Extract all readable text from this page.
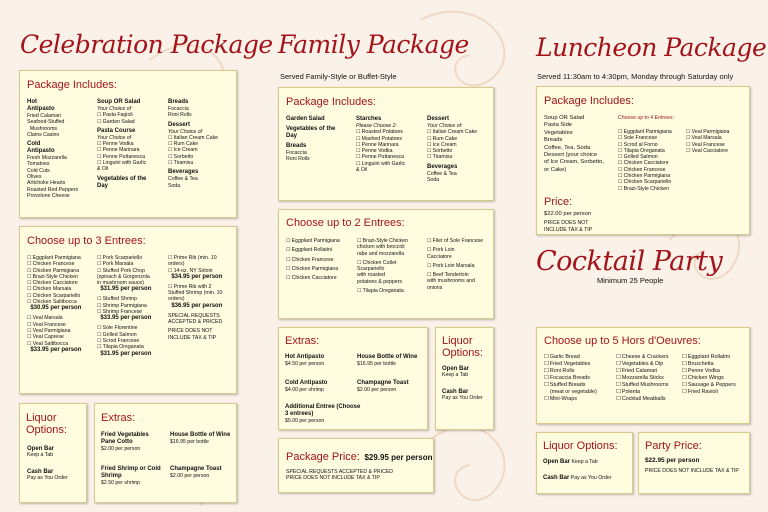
Celebration Package
Package Includes:
Hot
Antipasto
Fried Calamari
Seafood-Stuffed
Mushrooms
Clams Casino
Cold
Antipasto
Fresh Mozzarella
Tomatoes
Cold Cuts
Olives
Artichoke Hearts
Roasted Red Peppers
Provolone Cheese
Soup OR Salad
Your Choice of
☐ Pasta Fagioli
☐ Garden Salad
Pasta Course
Your Choice of
☐ Penne Vodka
☐ Penne Marinara
☐ Penne Puttanesca
☐ Linguini with Garlic
& Oil
Vegetables of the
Day
Breads
Focaccia
Roni Rolls
Dessert
Your Choice of
☐ Italian Cream Cake
☐ Rum Cake
☐ Ice Cream
☐ Sorbetto
☐ Tiramisu
Beverages
Coffee & Tea
Soda
Choose up to 3 Entrees:
☐ Eggplant Parmigiana
☐ Chicken Francese
☐ Chicken Parmigiana
☐ Brazi-Style Chicken
☐ Chicken Cacciatore
☐ Chicken Marsala
☐ Chicken Scarpariello
☐ Chicken Saltibocca
$30.95 per person
☐ Veal Marsala
☐ Veal Francese
☐ Veal Parmigiana
☐ Veal Caprese
☐ Veal Saltibocca
$33.95 per person
☐ Pork Scarpariello
☐ Pork Marsala
☐ Stuffed Pork Chop
(spinach & Gorgonzola
in mushroom sauce)
$31.95 per person
☐ Stuffed Shrimp
☐ Shrimp Parmigiana
☐ Shrimp Francese
$33.95 per person
☐ Sole Florentine
☐ Grilled Salmon
☐ Scrod Francese
☐ Tilapia Oreganata
$31.95 per person
☐ Prime Rib (min. 10
orders)
☐ 14-oz. NY Sirloin
$34.95 per person
☐ Prime Rib with 2
Stuffed Shrimp (min. 10
orders)
$36.95 per person
SPECIAL REQUESTS
ACCEPTED & PRICED
PRICE DOES NOT
INCLUDE TAX & TIP
Liquor Options:
Open Bar
Keep a Tab
Cash Bar
Pay as You Order
Extras:
Fried Vegetables Pane Cotto
$2.00 per person
House Bottle of Wine
$16.95 per bottle
Fried Shrimp or Cold Shrimp
$2.50 per shrimp
Champagne Toast
$2.00 per person
Family Package
Served Family-Style or Buffet-Style
Package Includes:
Garden Salad
Vegetables of the
Day
Breads
Focaccia
Roni Rolls
Starches
Please Choose 2:
☐ Roasted Potatoes
☐ Mashed Potatoes
☐ Penne Marinara
☐ Penne Vodka
☐ Penne Puttanesca
☐ Linguini with Garlic
& Oil
Dessert
Your Choice of:
☐ Italian Cream Cake
☐ Rum Cake
☐ Ice Cream
☐ Sorbetto
☐ Tiramisu
Beverages
Coffee & Tea
Soda
Choose up to 2 Entrees:
☐ Eggplant Parmigiana
☐ Eggplant Rollatini
☐ Chicken Francese
☐ Chicken Parmigiana
☐ Chicken Cacciatore
☐ Brazi-Style Chicken
chicken with broccoli
rabe and mozzarella
☐ Chicken Cutlet
Scarpariello
with roasted
potatoes & peppers
☐ Tilapia Oreganata
☐ Filet of Sole Francese
☐ Pork Loin
Cacciatore
☐ Pork Loin Marsala
☐ Beef Tenderloin
with mushrooms and
onions
Extras:
Hot Antipasto
$4.50 per person
House Bottle of Wine
$16.95 per bottle
Cold Antipasto
$4.00 per shrimp
Champagne Toast
$2.00 per person
Additional Entree (Choose 3 entrees)
$5.00 per person
Liquor Options:
Open Bar
Keep a Tab
Cash Bar
Pay as You Order
Package Price: $29.95 per person
SPECIAL REQUESTS ACCEPTED & PRICED
PRICE DOES NOT INCLUDE TAX & TIP
Luncheon Package
Served 11:30am to 4:30pm, Monday through Saturday only
Package Includes:
Soup OR Salad
Pasta Side
Vegetables
Breads
Coffee, Tea, Soda
Dessert (your choice
of Ice Cream, Sorbetto,
or Cake)
Choose up to 4 Entrees:
☐ Eggplant Parmigiana
☐ Sole Francese
☐ Scrod al Forno
☐ Tilapia Oreganata
☐ Grilled Salmon
☐ Chicken Cacciatore
☐ Chicken Francese
☐ Chicken Parmigiana
☐ Chicken Scarpariello
☐ Brazi-Style Chicken
☐ Veal Parmigiana
☐ Veal Marsala
☐ Veal Francese
☐ Veal Cacciatore
Price:
$22.00 per person
PRICE DOES NOT
INCLUDE TAX & TIP
Cocktail Party
Minimum 25 People
Choose up to 5 Hors d'Oeuvres:
☐ Garlic Bread
☐ Fried Vegetables
☐ Roni Rolls
☐ Focaccia Breads
☐ Stuffed Breads
(meat or vegetable)
☐ Mini-Wraps
☐ Cheese & Crackers
☐ Vegetables & Dip
☐ Fried Calamari
☐ Mozzarella Sticks
☐ Stuffed Mushrooms
☐ Polenta
☐ Cocktail Meatballs
☐ Eggplant Rollatini
☐ Bruschetta
☐ Penne Vodka
☐ Chicken Wings
☐ Sausage & Peppers
☐ Fried Ravioli
Liquor Options:
Open Bar Keep a Tab
Cash Bar Pay as You Order
Party Price:
$22.95 per person
PRICE DOES NOT INCLUDE TAX & TIP
